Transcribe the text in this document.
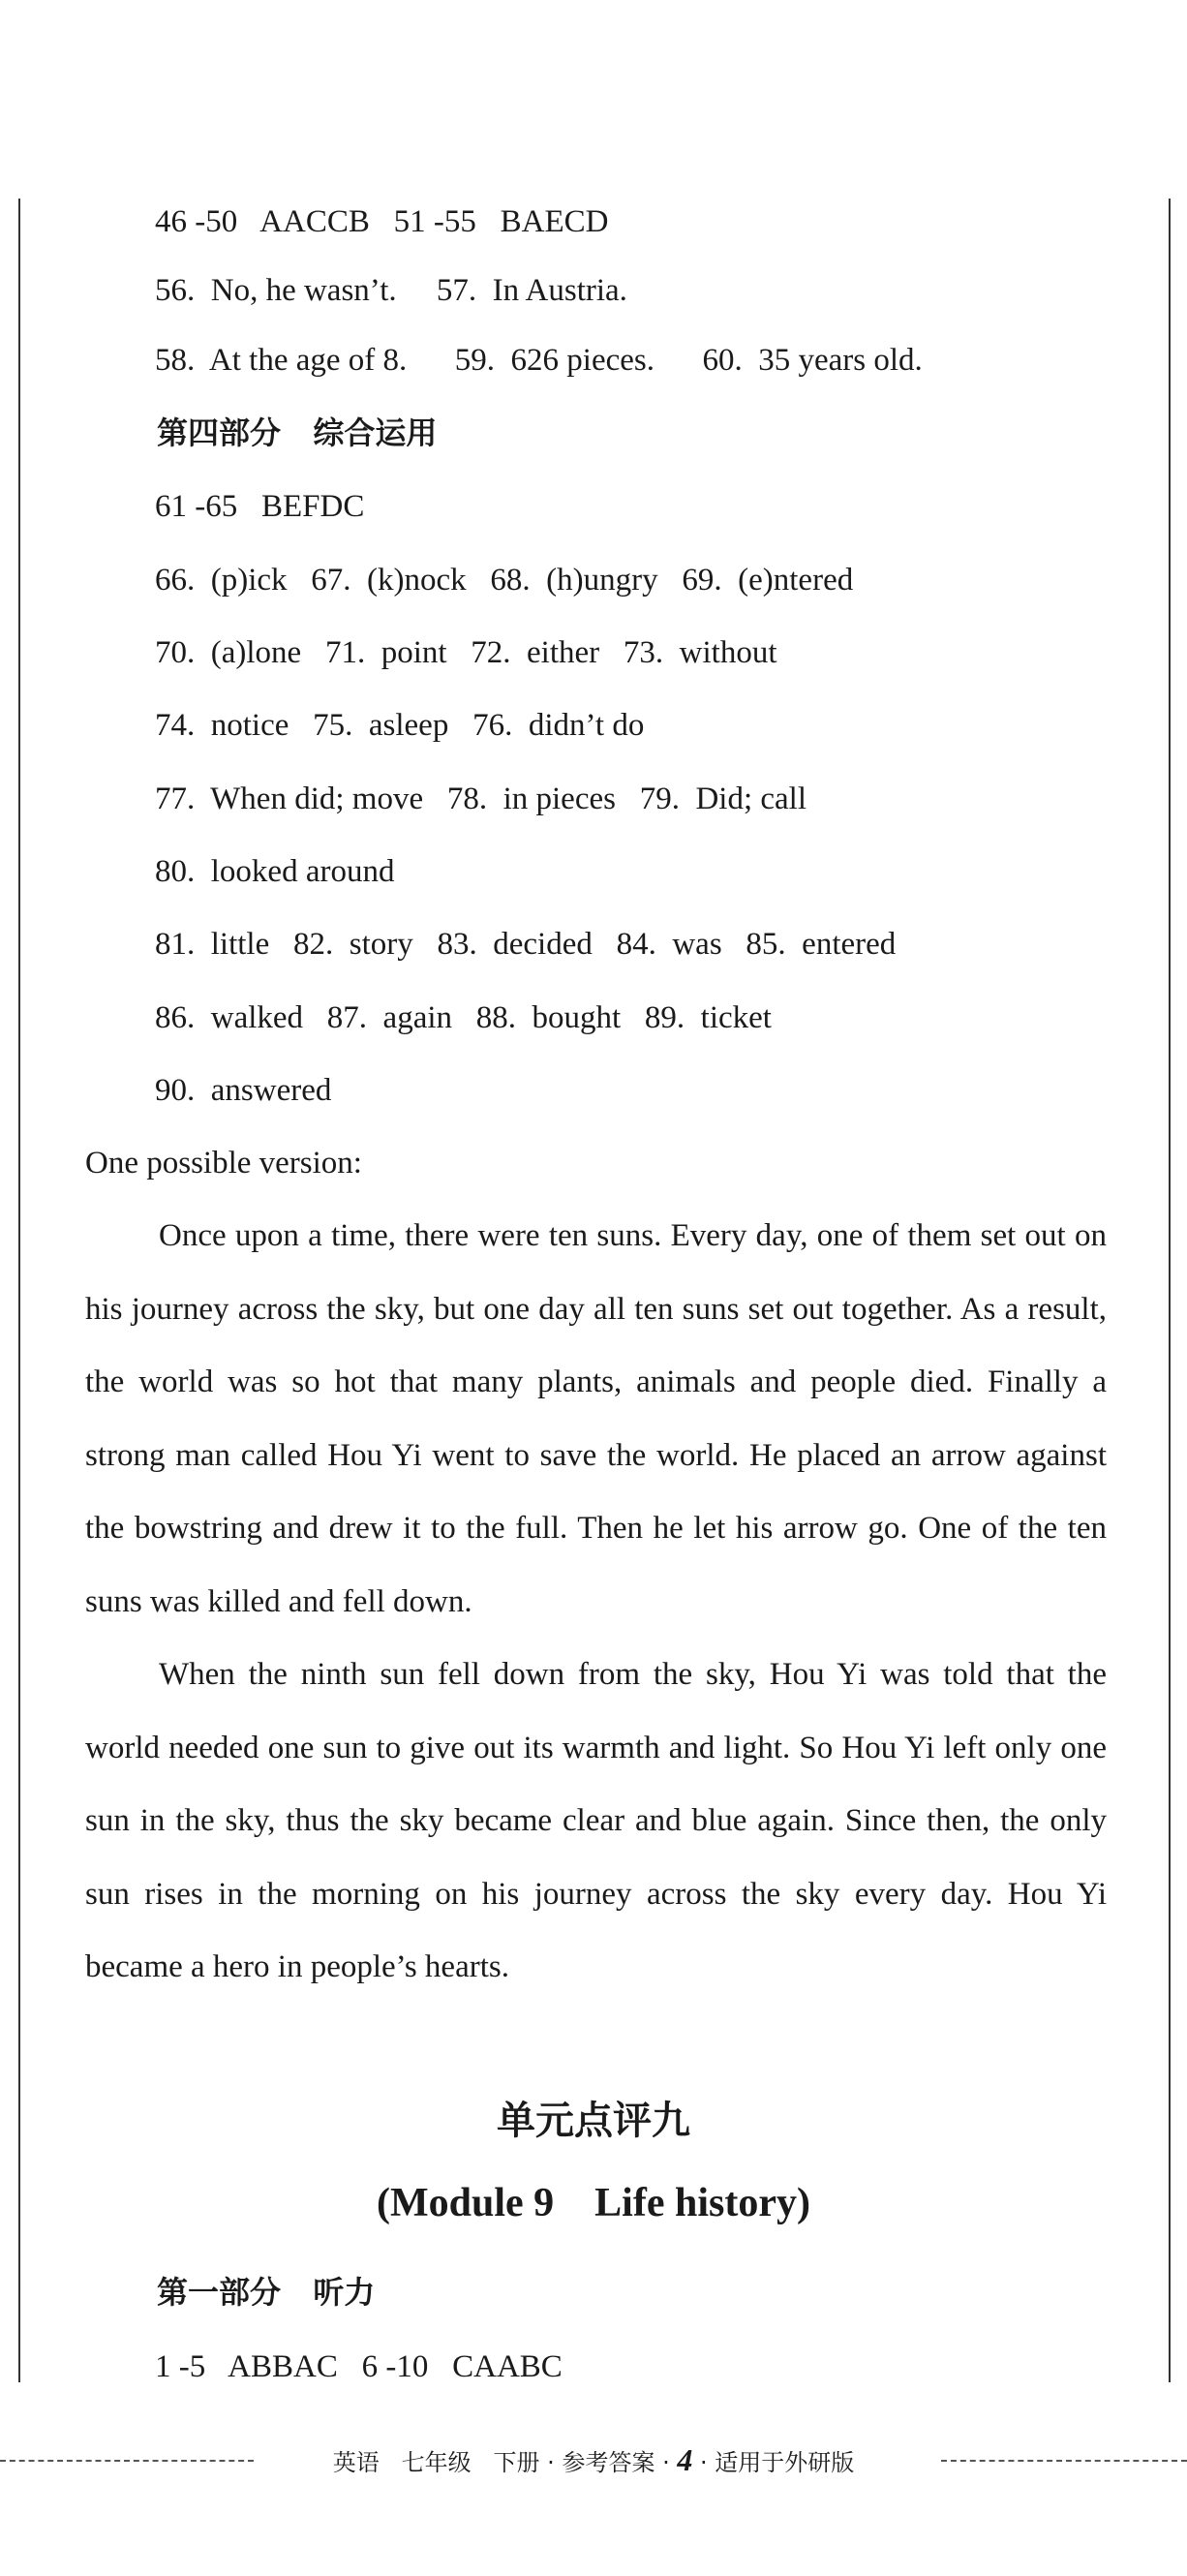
46 -50   AACCB   51 -55   BAECD
56.  No, he wasn’t.     57.  In Austria.
58.  At the age of 8.      59.  626 pieces.      60.  35 years old.
第四部分   综合运用
61 -65   BEFDC
66.  (p)ick   67.  (k)nock   68.  (h)ungry   69.  (e)ntered
70.  (a)lone   71.  point   72.  either   73.  without
74.  notice   75.  asleep   76.  didn’t do
77.  When did; move   78.  in pieces   79.  Did; call
80.  looked around
81.  little   82.  story   83.  decided   84.  was   85.  entered
86.  walked   87.  again   88.  bought   89.  ticket
90.  answered
One possible version:

Once upon a time, there were ten suns. Every day, one of them set out on his journey across the sky, but one day all ten suns set out together. As a result, the world was so hot that many plants, animals and people died. Finally a strong man called Hou Yi went to save the world. He placed an arrow against the bowstring and drew it to the full. Then he let his arrow go. One of the ten suns was killed and fell down.

When the ninth sun fell down from the sky, Hou Yi was told that the world needed one sun to give out its warmth and light. So Hou Yi left only one sun in the sky, thus the sky became clear and blue again. Since then, the only sun rises in the morning on his journey across the sky every day. Hou Yi became a hero in people’s hearts.

单元点评九
(Module 9    Life history)
第一部分   听力
1 -5   ABBAC   6 -10   CAABC
英语   七年级   下册 · 参考答案 · 4 · 适用于外研版
